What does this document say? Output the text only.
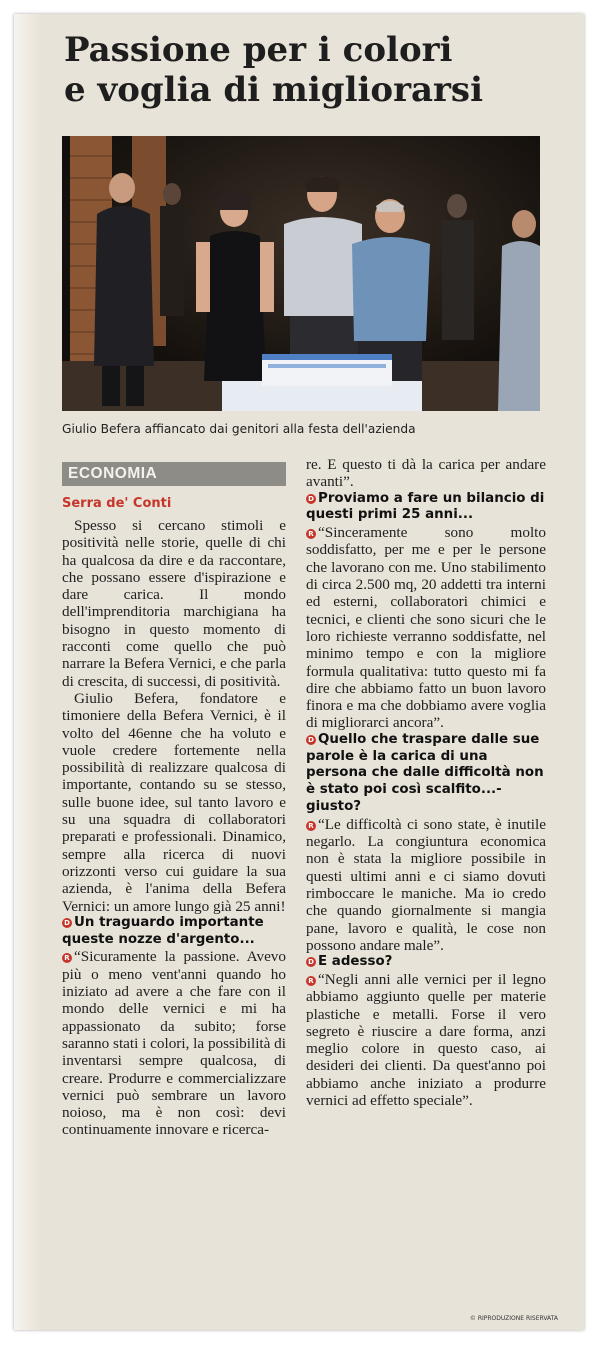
Passione per i colori
e voglia di migliorarsi
Giulio Befera affiancato dai genitori alla festa dell'azienda
ECONOMIA
Serra de' Conti

Spesso si cercano stimoli e positività nelle storie, quelle di chi ha qualcosa da dire e da raccontare, che possano essere d'ispirazione e dare carica. Il mondo dell'imprenditoria marchigiana ha bisogno in questo momento di racconti come quello che può narrare la Befera Vernici, e che parla di crescita, di successi, di positività.

Giulio Befera, fondatore e timoniere della Befera Vernici, è il volto del 46enne che ha voluto e vuole credere fortemente nella possibilità di realizzare qualcosa di importante, contando su se stesso, sulle buone idee, sul tanto lavoro e su una squadra di collaboratori preparati e professionali. Dinamico, sempre alla ricerca di nuovi orizzonti verso cui guidare la sua azienda, è l'anima della Befera Vernici: un amore lungo già 25 anni!

D Un traguardo importante queste nozze d'argento...

R “Sicuramente la passione. Avevo più o meno vent'anni quando ho iniziato ad avere a che fare con il mondo delle vernici e mi ha appassionato da subito; forse saranno stati i colori, la possibilità di inventarsi sempre qualcosa, di creare. Produrre e commercializzare vernici può sembrare un lavoro noioso, ma è non così: devi continuamente innovare e ricerca-

re. E questo ti dà la carica per andare avanti”.

D Proviamo a fare un bilancio di questi primi 25 anni...

R “Sinceramente sono molto soddisfatto, per me e per le persone che lavorano con me. Uno stabilimento di circa 2.500 mq, 20 addetti tra interni ed esterni, collaboratori chimici e tecnici, e clienti che sono sicuri che le loro richieste verranno soddisfatte, nel minimo tempo e con la migliore formula qualitativa: tutto questo mi fa dire che abbiamo fatto un buon lavoro finora e ma che dobbiamo avere voglia di migliorarci ancora”.

D Quello che traspare dalle sue parole è la carica di una persona che dalle difficoltà non è stato poi così scalfito...-giusto?

R “Le difficoltà ci sono state, è inutile negarlo. La congiuntura economica non è stata la migliore possibile in questi ultimi anni e ci siamo dovuti rimboccare le maniche. Ma io credo che quando giornalmente si mangia pane, lavoro e qualità, le cose non possono andare male”.

D E adesso?

R “Negli anni alle vernici per il legno abbiamo aggiunto quelle per materie plastiche e metalli. Forse il vero segreto è riuscire a dare forma, anzi meglio colore in questo caso, ai desideri dei clienti. Da quest'anno poi abbiamo anche iniziato a produrre vernici ad effetto speciale”.

© RIPRODUZIONE RISERVATA
